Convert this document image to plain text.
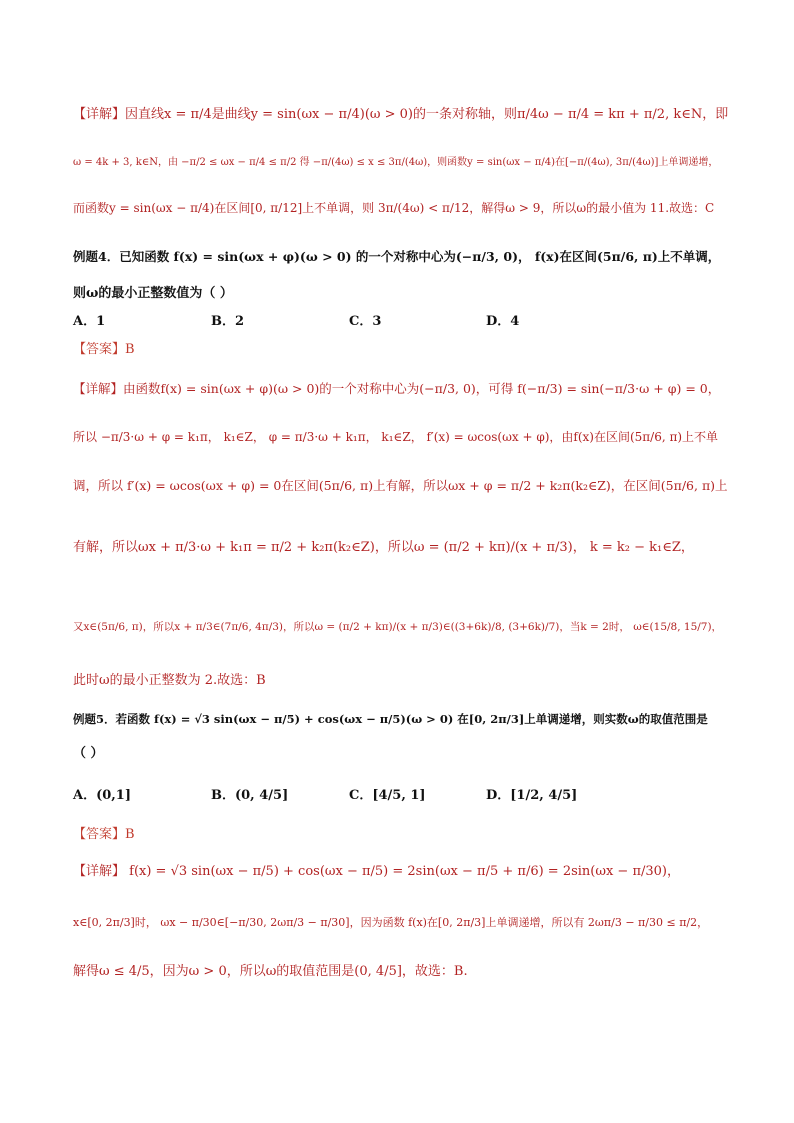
【详解】因直线x = π/4是曲线y = sin(ωx − π/4)(ω > 0)的一条对称轴，则π/4ω − π/4 = kπ + π/2, k∈N，即
ω = 4k + 3, k∈N，由 −π/2 ≤ ωx − π/4 ≤ π/2 得 −π/(4ω) ≤ x ≤ 3π/(4ω)，则函数y = sin(ωx − π/4)在[−π/(4ω), 3π/(4ω)]上单调递增，
而函数y = sin(ωx − π/4)在区间[0, π/12]上不单调，则 3π/(4ω) < π/12，解得ω > 9，所以ω的最小值为 11.故选：C
例题4．已知函数 f(x) = sin(ωx + φ)(ω > 0) 的一个对称中心为(−π/3, 0)， f(x)在区间(5π/6, π)上不单调，
则ω的最小正整数值为（ ）
A．1	B．2	C．3	D．4
【答案】B
【详解】由函数f(x) = sin(ωx + φ)(ω > 0)的一个对称中心为(−π/3, 0)，可得 f(−π/3) = sin(−π/3·ω + φ) = 0，
所以 −π/3·ω + φ = k₁π， k₁∈Z， φ = π/3·ω + k₁π， k₁∈Z， f′(x) = ωcos(ωx + φ)，由f(x)在区间(5π/6, π)上不单
调，所以 f′(x) = ωcos(ωx + φ) = 0在区间(5π/6, π)上有解，所以ωx + φ = π/2 + k₂π(k₂∈Z)，在区间(5π/6, π)上
有解，所以ωx + π/3·ω + k₁π = π/2 + k₂π(k₂∈Z)，所以ω = (π/2 + kπ)/(x + π/3)， k = k₂ − k₁∈Z，
又x∈(5π/6, π)，所以x + π/3∈(7π/6, 4π/3)，所以ω = (π/2 + kπ)/(x + π/3)∈((3+6k)/8, (3+6k)/7)，当k = 2时， ω∈(15/8, 15/7)，
此时ω的最小正整数为 2.故选：B
例题5．若函数 f(x) = √3 sin(ωx − π/5) + cos(ωx − π/5)(ω > 0) 在[0, 2π/3]上单调递增，则实数ω的取值范围是
（ ）
A．(0,1]	B．(0, 4/5]	C．[4/5, 1]	D．[1/2, 4/5]
【答案】B
【详解】 f(x) = √3 sin(ωx − π/5) + cos(ωx − π/5) = 2sin(ωx − π/5 + π/6) = 2sin(ωx − π/30)，
x∈[0, 2π/3]时， ωx − π/30∈[−π/30, 2ωπ/3 − π/30]，因为函数 f(x)在[0, 2π/3]上单调递增，所以有 2ωπ/3 − π/30 ≤ π/2，
解得ω ≤ 4/5，因为ω > 0，所以ω的取值范围是(0, 4/5]，故选：B.
